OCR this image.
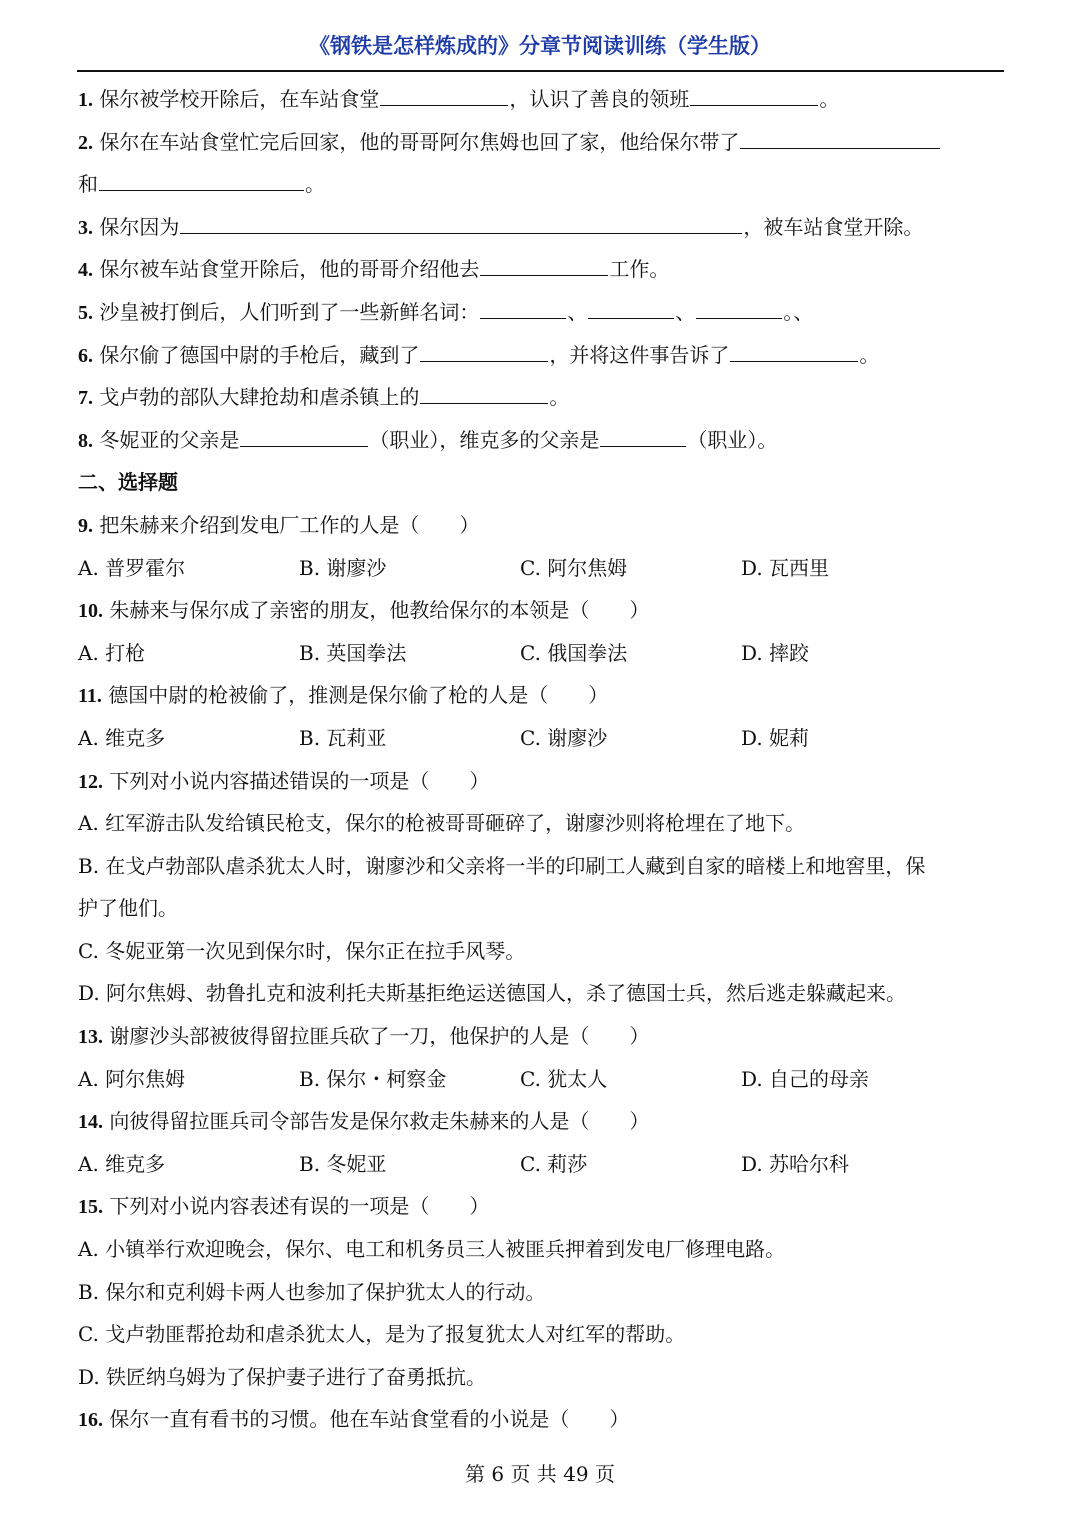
《钢铁是怎样炼成的》分章节阅读训练（学生版）
1. 保尔被学校开除后，在车站食堂	，认识了善良的领班	。
2. 保尔在车站食堂忙完后回家，他的哥哥阿尔焦姆也回了家，他给保尔带了
和	。
3. 保尔因为	，被车站食堂开除。
4. 保尔被车站食堂开除后，他的哥哥介绍他去	工作。
5. 沙皇被打倒后，人们听到了一些新鲜名词：	、	、	。、
6. 保尔偷了德国中尉的手枪后，藏到了	，并将这件事告诉了	。
7. 戈卢勃的部队大肆抢劫和虐杀镇上的	。
8. 冬妮亚的父亲是	（职业），维克多的父亲是	（职业）。
二、选择题
9. 把朱赫来介绍到发电厂工作的人是（　　）
A. 普罗霍尔	B. 谢廖沙	C. 阿尔焦姆	D. 瓦西里
10. 朱赫来与保尔成了亲密的朋友，他教给保尔的本领是（　　）
A. 打枪	B. 英国拳法	C. 俄国拳法	D. 摔跤
11. 德国中尉的枪被偷了，推测是保尔偷了枪的人是（　　）
A. 维克多	B. 瓦莉亚	C. 谢廖沙	D. 妮莉
12. 下列对小说内容描述错误的一项是（　　）
A. 红军游击队发给镇民枪支，保尔的枪被哥哥砸碎了，谢廖沙则将枪埋在了地下。
B. 在戈卢勃部队虐杀犹太人时，谢廖沙和父亲将一半的印刷工人藏到自家的暗楼上和地窖里，保
护了他们。
C. 冬妮亚第一次见到保尔时，保尔正在拉手风琴。
D. 阿尔焦姆、勃鲁扎克和波利托夫斯基拒绝运送德国人，杀了德国士兵，然后逃走躲藏起来。
13. 谢廖沙头部被彼得留拉匪兵砍了一刀，他保护的人是（　　）
A. 阿尔焦姆	B. 保尔・柯察金	C. 犹太人	D. 自己的母亲
14. 向彼得留拉匪兵司令部告发是保尔救走朱赫来的人是（　　）
A. 维克多	B. 冬妮亚	C. 莉莎	D. 苏哈尔科
15. 下列对小说内容表述有误的一项是（　　）
A. 小镇举行欢迎晚会，保尔、电工和机务员三人被匪兵押着到发电厂修理电路。
B. 保尔和克利姆卡两人也参加了保护犹太人的行动。
C. 戈卢勃匪帮抢劫和虐杀犹太人，是为了报复犹太人对红军的帮助。
D. 铁匠纳乌姆为了保护妻子进行了奋勇抵抗。
16. 保尔一直有看书的习惯。他在车站食堂看的小说是（　　）
第 6 页 共 49 页
